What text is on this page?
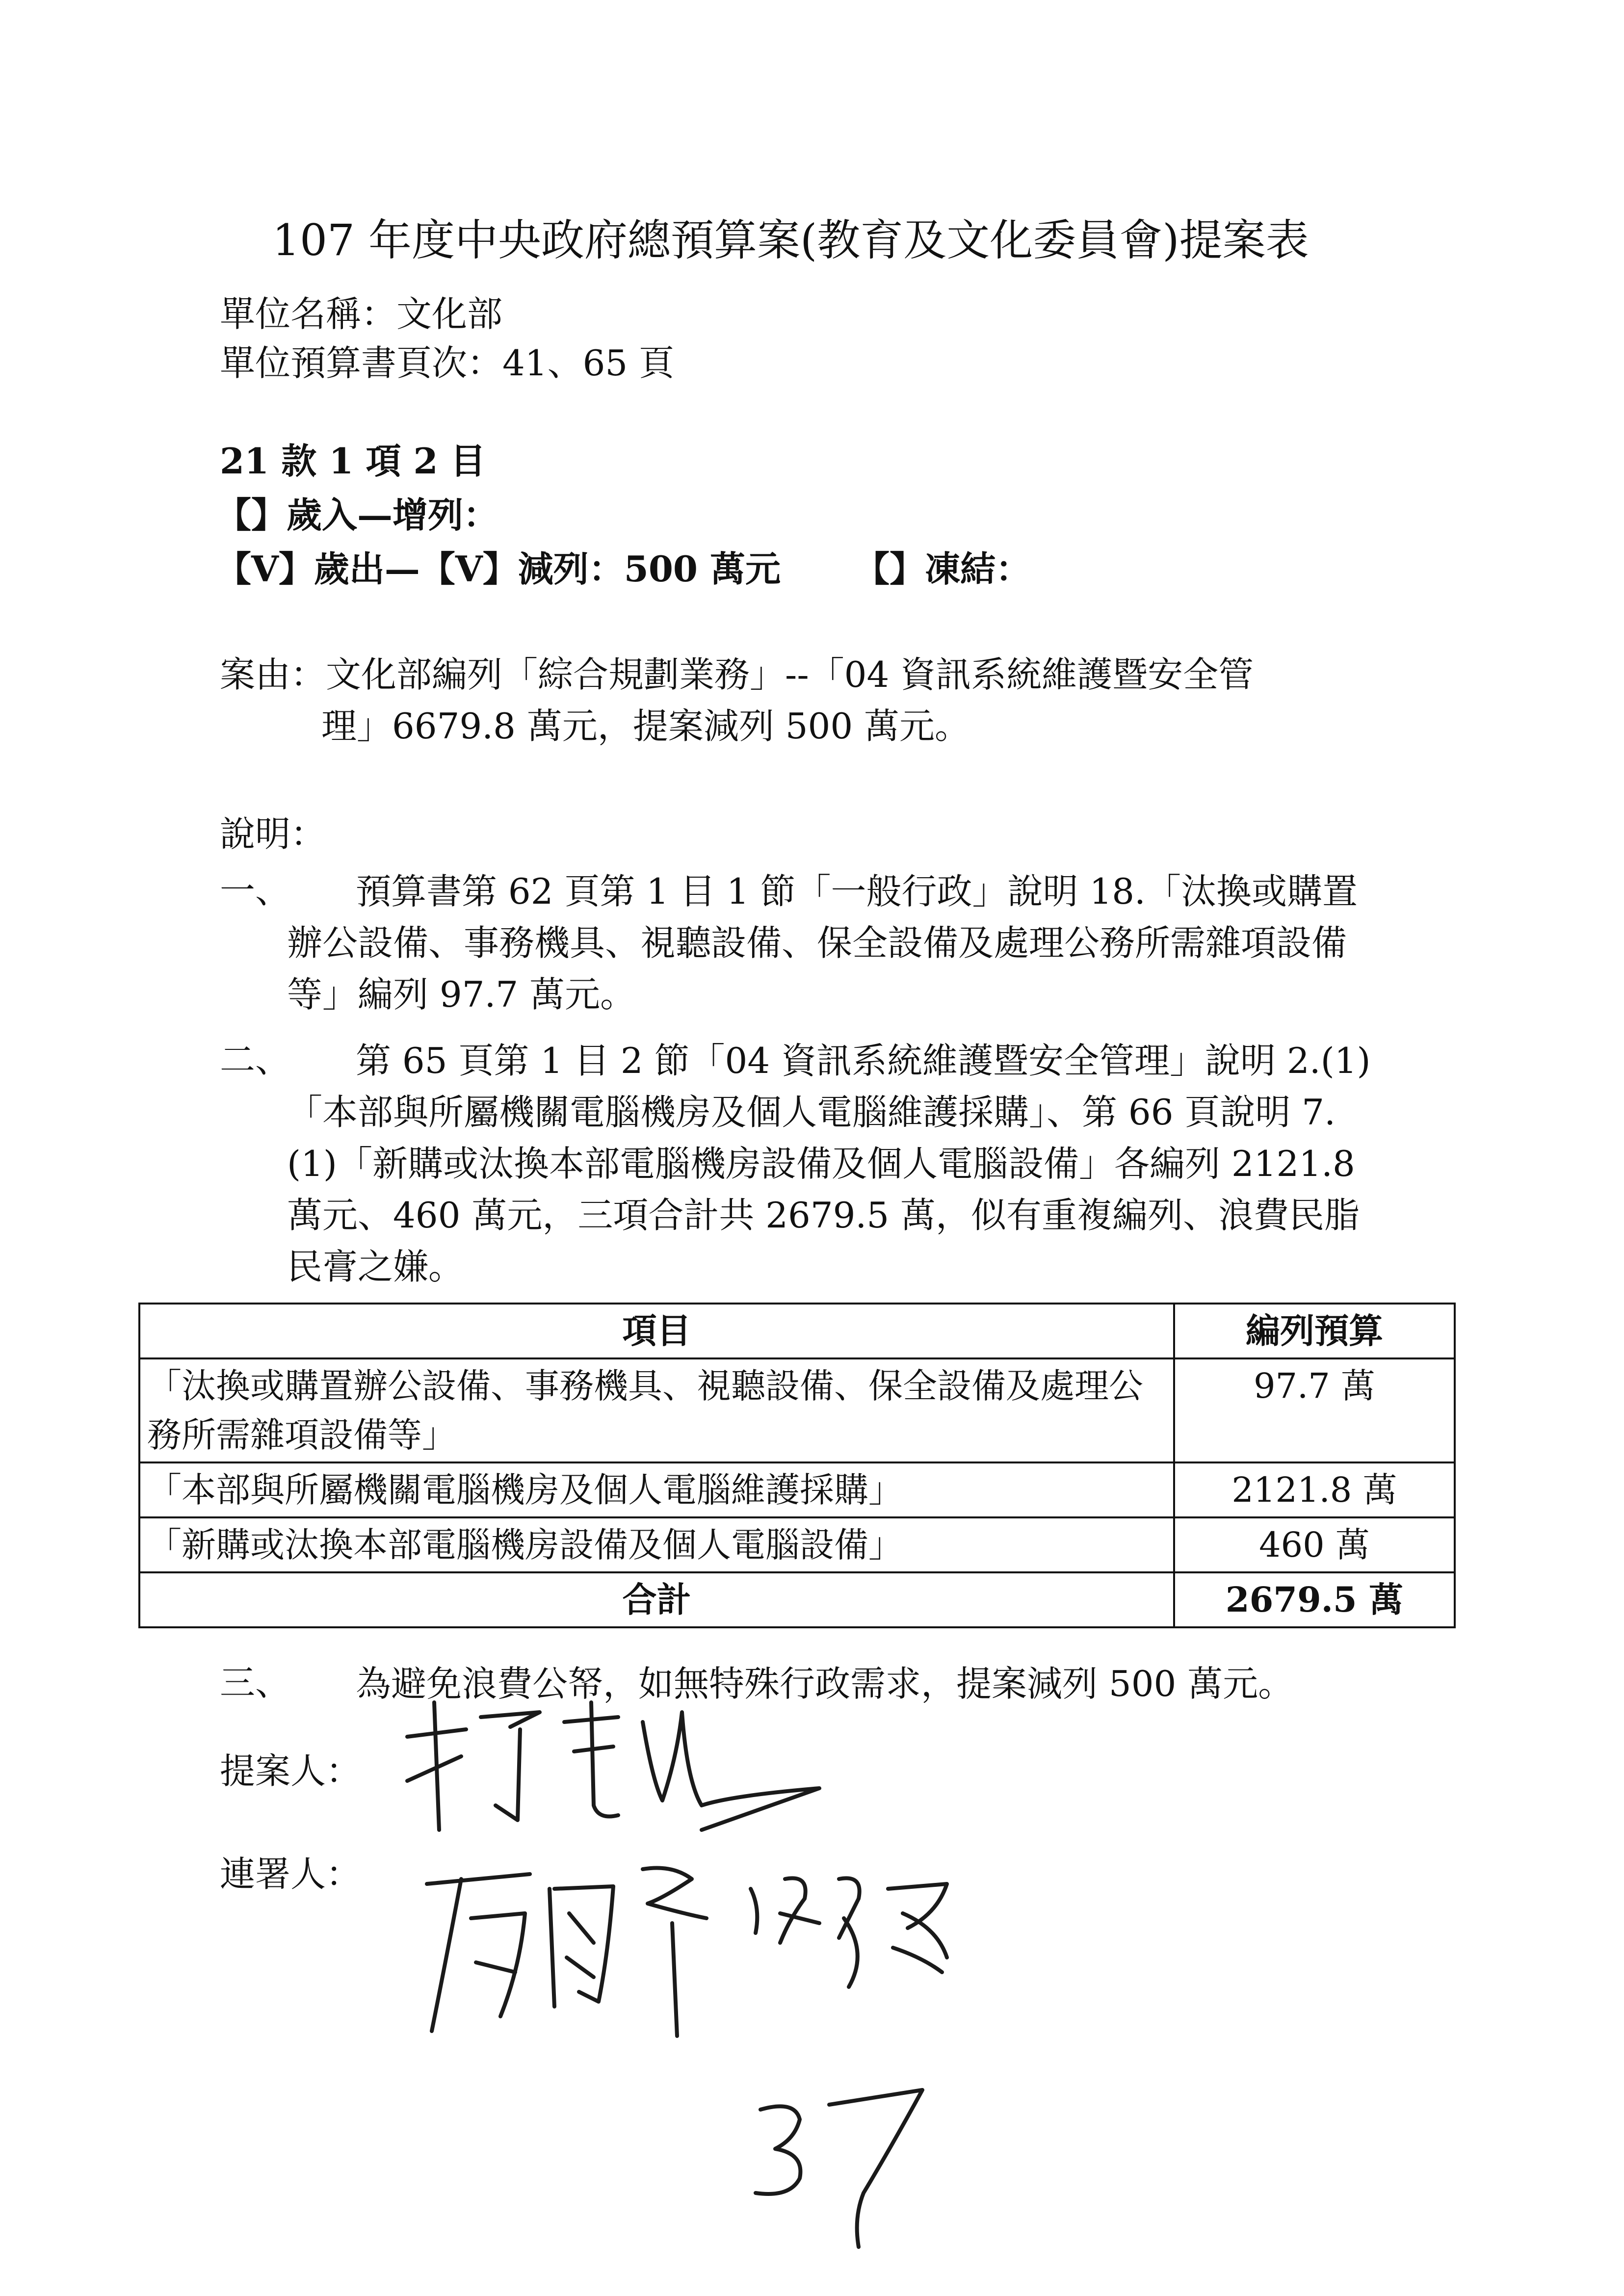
107 年度中央政府總預算案(教育及文化委員會)提案表
單位名稱：文化部
單位預算書頁次：41、65 頁
21 款 1 項 2 目
【】歲入—增列：
【V】歲出—【V】減列：500 萬元 【】凍結：
案由：文化部編列「綜合規劃業務」--「04 資訊系統維護暨安全管
理」6679.8 萬元，提案減列 500 萬元。
說明：
一、	預算書第 62 頁第 1 目 1 節「一般行政」說明 18.「汰換或購置辦公設備、事務機具、視聽設備、保全設備及處理公務所需雜項設備等」編列 97.7 萬元。
二、	第 65 頁第 1 目 2 節「04 資訊系統維護暨安全管理」說明 2.(1)「本部與所屬機關電腦機房及個人電腦維護採購」、第 66 頁說明 7.(1)「新購或汰換本部電腦機房設備及個人電腦設備」各編列 2121.8 萬元、460 萬元，三項合計共 2679.5 萬，似有重複編列、浪費民脂民膏之嫌。
項目	編列預算
「汰換或購置辦公設備、事務機具、視聽設備、保全設備及處理公務所需雜項設備等」	97.7 萬
「本部與所屬機關電腦機房及個人電腦維護採購」	2121.8 萬
「新購或汰換本部電腦機房設備及個人電腦設備」	460 萬
合計	2679.5 萬
三、	為避免浪費公帑，如無特殊行政需求，提案減列 500 萬元。
提案人：
連署人：
